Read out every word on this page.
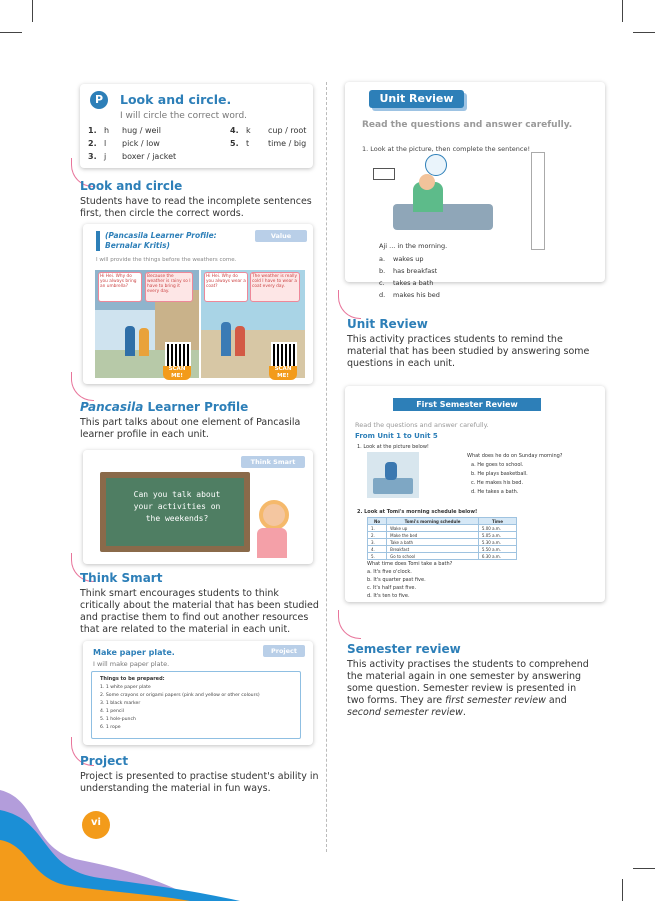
P	Look and circle.
I will circle the correct word.
1. h hug / weil
2. l pick / low
3. j boxer / jacket
4. k cup / root
5. t time / big
Look and circle
Students have to read the incomplete sentences first, then circle the correct words.
(Pancasila Learner Profile: Bernalar Kritis)
Value
I will provide the things before the weathers come.
Hi Hei. Why do you always bring an umbrella?
Because the weather is rainy so I have to bring it every day.
Hi Hei. Why do you always wear a coat?
The weather is really cold I have to wear a coat every day.
SCAN ME!
SCAN ME!
Pancasila Learner Profile
This part talks about one element of Pancasila learner profile in each unit.
Think Smart
Can you talk about your activities on the weekends?
Think Smart
Think smart encourages students to think critically about the material that has been studied and practise them to find out another resources that are related to the material in each unit.
Make paper plate.	Project
I will make paper plate.
Things to be prepared:
1. 1 white paper plate
2. Some crayons or origami papers (pink and yellow or other colours)
3. 1 black marker
4. 1 pencil
5. 1 hole-punch
6. 1 rope
Project
Project is presented to practise student's ability in understanding the material in fun ways.
vi
Unit Review
Read the questions and answer carefully.
1. Look at the picture, then complete the sentence!
Aji ... in the morning.
a. wakes up
b. has breakfast
c. takes a bath
d. makes his bed
Unit Review
This activity practices students to remind the material that has been studied by answering some questions in each unit.
First Semester Review
Read the questions and answer carefully.
From Unit 1 to Unit 5
1. Look at the picture below!
What does he do on Sunday morning?
a. He goes to school.
b. He plays basketball.
c. He makes his bed.
d. He takes a bath.
2. Look at Tomi's morning schedule below!
No	Tomi's morning schedule	Time
1.	Wake up	5.00 a.m.
2.	Make the bed	5.05 a.m.
3.	Take a bath	5.30 a.m.
4.	Breakfast	5.50 a.m.
5.	Go to school	6.30 a.m.
What time does Tomi take a bath?
a. It's five o'clock.
b. It's quarter past five.
c. It's half past five.
d. It's ten to five.
Semester review
This activity practises the students to comprehend the material again in one semester by answering some question. Semester review is presented in two forms. They are first semester review and second semester review.
